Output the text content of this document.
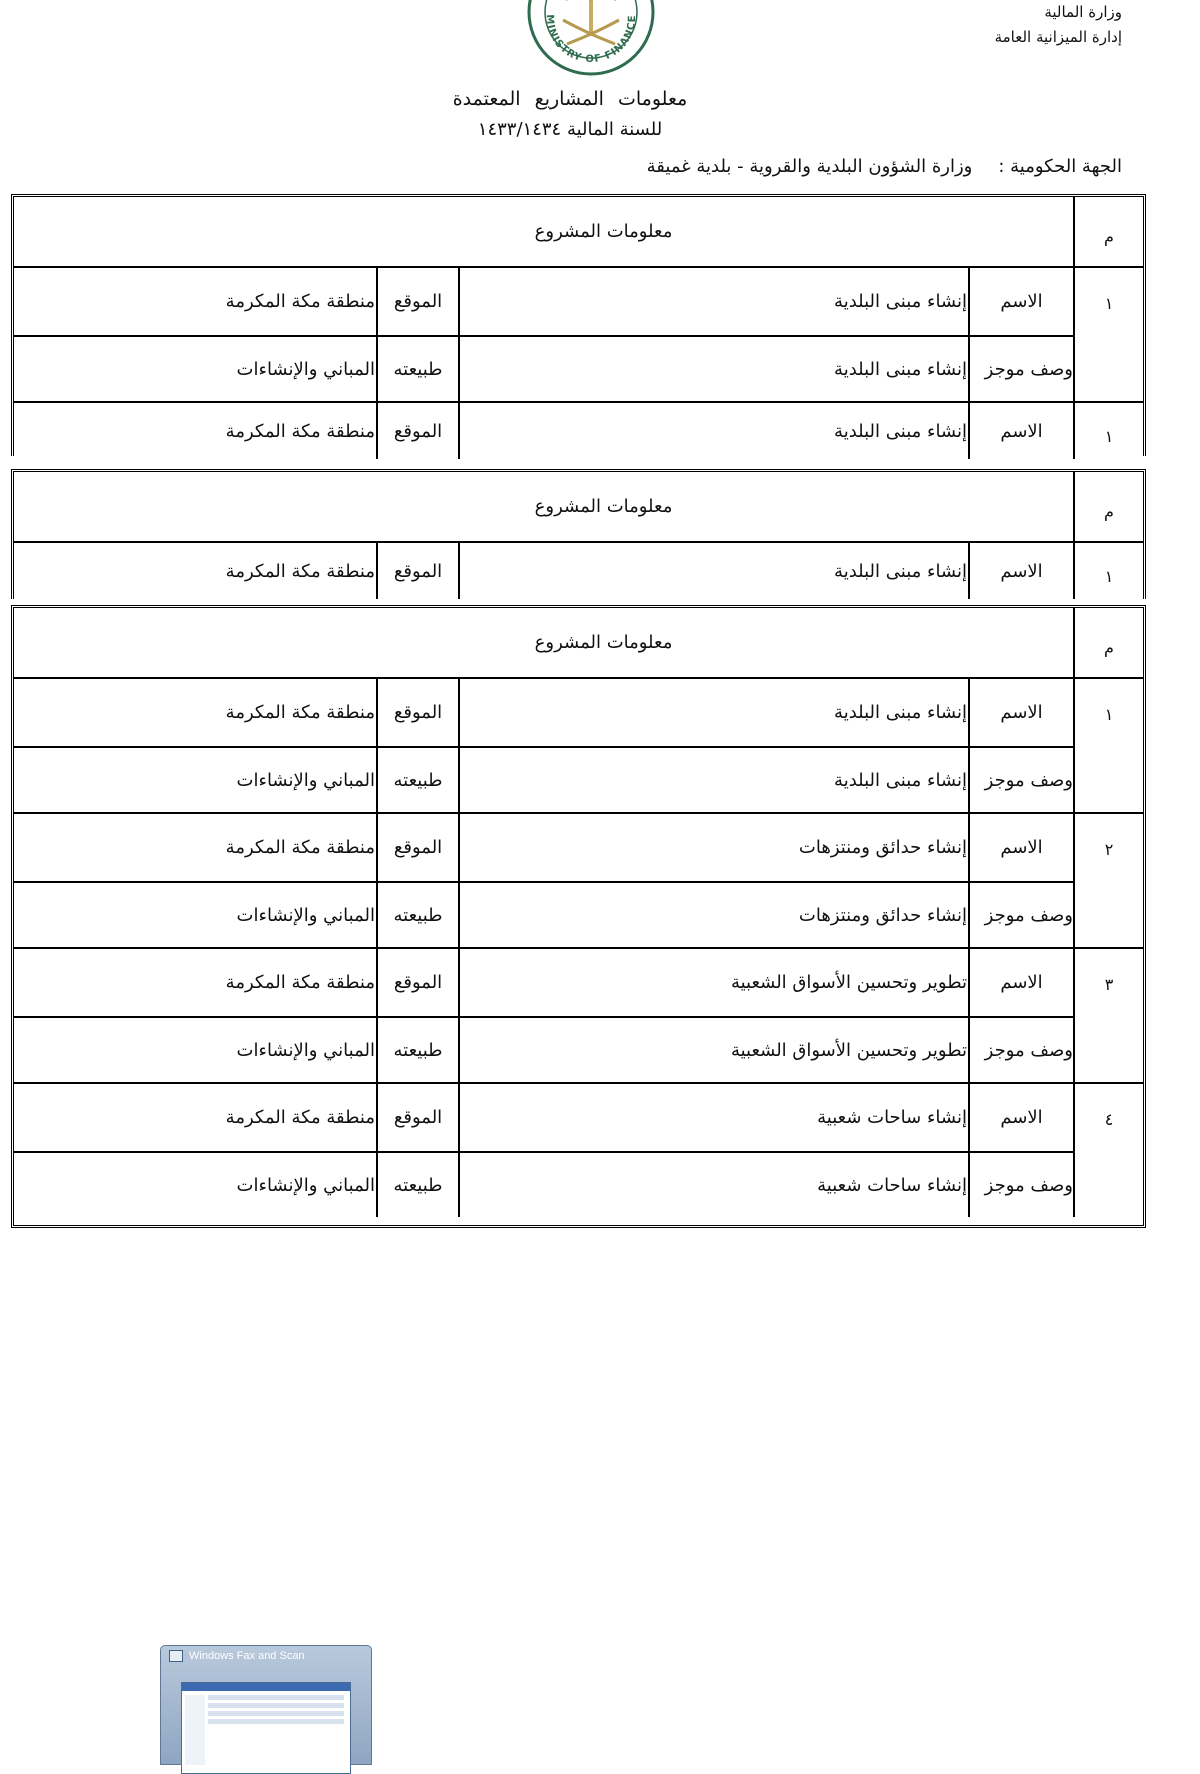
وزارة المالية
إدارة الميزانية العامة
MINISTRY OF FINANCE
معلومات المشاريع المعتمدة
للسنة المالية ١٤٣٣/١٤٣٤
الجهة الحكومية :وزارة الشؤون البلدية والقروية - بلدية غميقة
م
معلومات المشروع
١
الاسم
إنشاء مبنى البلدية
الموقع
منطقة مكة المكرمة
وصف موجز
إنشاء مبنى البلدية
طبيعته
المباني والإنشاءات
١
الاسم
إنشاء مبنى البلدية
الموقع
منطقة مكة المكرمة
م
معلومات المشروع
١
الاسم
إنشاء مبنى البلدية
الموقع
منطقة مكة المكرمة
م
معلومات المشروع
١
الاسم
إنشاء مبنى البلدية
الموقع
منطقة مكة المكرمة
وصف موجز
إنشاء مبنى البلدية
طبيعته
المباني والإنشاءات
٢
الاسم
إنشاء حدائق ومنتزهات
الموقع
منطقة مكة المكرمة
وصف موجز
إنشاء حدائق ومنتزهات
طبيعته
المباني والإنشاءات
٣
الاسم
تطوير وتحسين الأسواق الشعبية
الموقع
منطقة مكة المكرمة
وصف موجز
تطوير وتحسين الأسواق الشعبية
طبيعته
المباني والإنشاءات
٤
الاسم
إنشاء ساحات شعبية
الموقع
منطقة مكة المكرمة
وصف موجز
إنشاء ساحات شعبية
طبيعته
المباني والإنشاءات
Windows Fax and Scan
